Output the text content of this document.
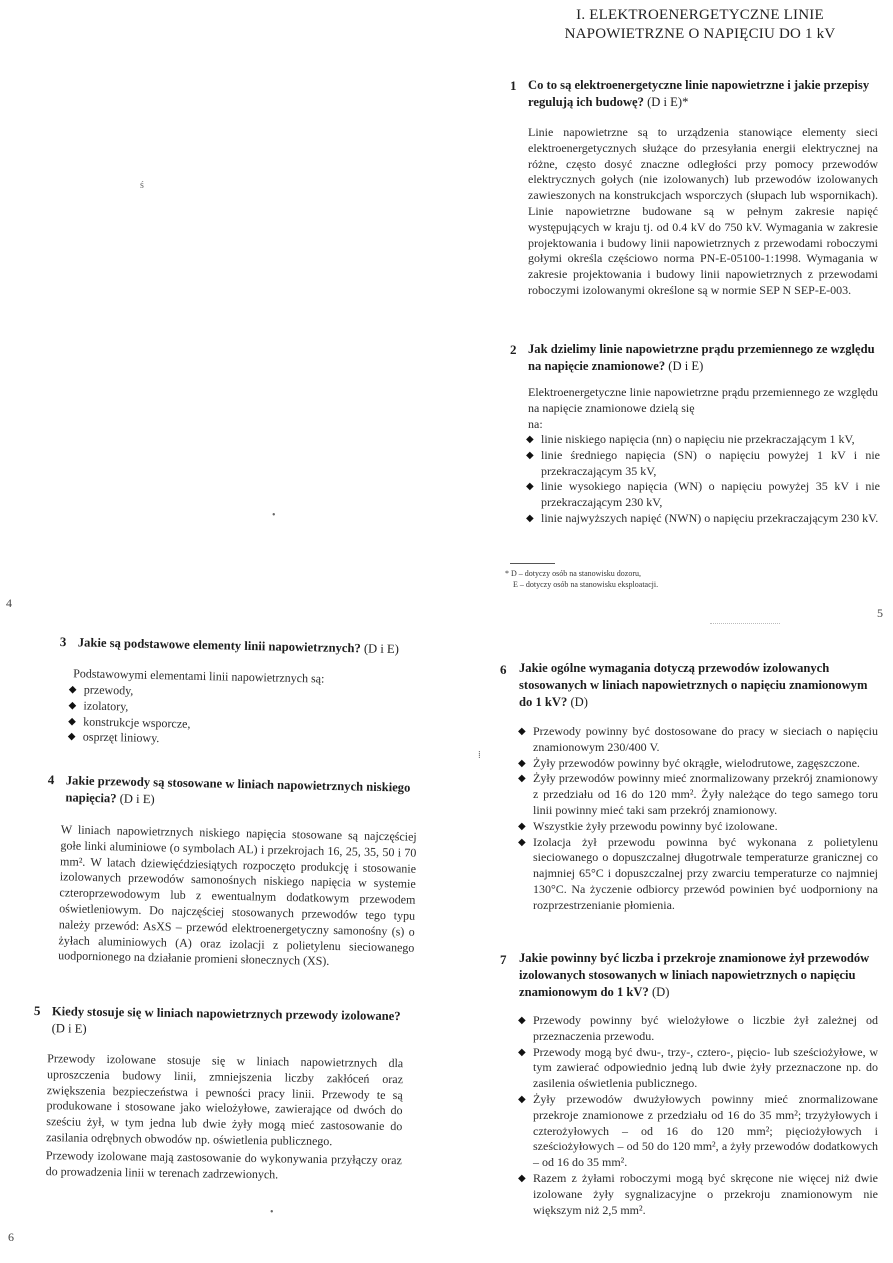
I. ELEKTROENERGETYCZNE LINIE
NAPOWIETRZNE O NAPIĘCIU DO 1 kV
1 Co to są elektroenergetyczne linie napowietrzne i jakie przepisy regulują ich budowę? (D i E)*
Linie napowietrzne są to urządzenia stanowiące elementy sieci elektroenergetycznych służące do przesyłania energii elektrycznej na różne, często dosyć znaczne odległości przy pomocy przewodów elektrycznych gołych (nie izolowanych) lub przewodów izolowanych zawieszonych na konstrukcjach wsporczych (słupach lub wspornikach). Linie napowietrzne budowane są w pełnym zakresie napięć występujących w kraju tj. od 0.4 kV do 750 kV. Wymagania w zakresie projektowania i budowy linii napowietrznych z przewodami roboczymi gołymi określa częściowo norma PN-E-05100-1:1998. Wymagania w zakresie projektowania i budowy linii napowietrznych z przewodami roboczymi izolowanymi określone są w normie SEP N SEP-E-003.
2 Jak dzielimy linie napowietrzne prądu przemiennego ze względu na napięcie znamionowe? (D i E)
Elektroenergetyczne linie napowietrzne prądu przemiennego ze względu na napięcie znamionowe dzielą się
na:
◆ linie niskiego napięcia (nn) o napięciu nie przekraczającym 1 kV,
◆ linie średniego napięcia (SN) o napięciu powyżej 1 kV i nie przekraczającym 35 kV,
◆ linie wysokiego napięcia (WN) o napięciu powyżej 35 kV i nie przekraczającym 230 kV,
◆ linie najwyższych napięć (NWN) o napięciu przekraczającym 230 kV.
* D – dotyczy osób na stanowisku dozoru,
E – dotyczy osób na stanowisku eksploatacji.
4
5
6
ś
•
⁞
•
3 Jakie są podstawowe elementy linii napowietrznych? (D i E)
Podstawowymi elementami linii napowietrznych są:
◆ przewody,
◆ izolatory,
◆ konstrukcje wsporcze,
◆ osprzęt liniowy.
4 Jakie przewody są stosowane w liniach napowietrznych niskiego napięcia? (D i E)
W liniach napowietrznych niskiego napięcia stosowane są najczęściej gołe linki aluminiowe (o symbolach AL) i przekrojach 16, 25, 35, 50 i 70 mm². W latach dziewięćdziesiątych rozpoczęto produkcję i stosowanie izolowanych przewodów samonośnych niskiego napięcia w systemie czteroprzewodowym lub z ewentualnym dodatkowym przewodem oświetleniowym. Do najczęściej stosowanych przewodów tego typu należy przewód: AsXS – przewód elektroenergetyczny samonośny (s) o żyłach aluminiowych (A) oraz izolacji z polietylenu sieciowanego uodpornionego na działanie promieni słonecznych (XS).
5 Kiedy stosuje się w liniach napowietrznych przewody izolowane? (D i E)
Przewody izolowane stosuje się w liniach napowietrznych dla uproszczenia budowy linii, zmniejszenia liczby zakłóceń oraz zwiększenia bezpieczeństwa i pewności pracy linii. Przewody te są produkowane i stosowane jako wielożyłowe, zawierające od dwóch do sześciu żył, w tym jedna lub dwie żyły mogą mieć zastosowanie do zasilania odrębnych obwodów np. oświetlenia publicznego.
Przewody izolowane mają zastosowanie do wykonywania przyłączy oraz do prowadzenia linii w terenach zadrzewionych.
6 Jakie ogólne wymagania dotyczą przewodów izolowanych stosowanych w liniach napowietrznych o napięciu znamionowym do 1 kV? (D)
◆ Przewody powinny być dostosowane do pracy w sieciach o napięciu znamionowym 230/400 V.
◆ Żyły przewodów powinny być okrągłe, wielodrutowe, zagęszczone.
◆ Żyły przewodów powinny mieć znormalizowany przekrój znamionowy z przedziału od 16 do 120 mm². Żyły należące do tego samego toru linii powinny mieć taki sam przekrój znamionowy.
◆ Wszystkie żyły przewodu powinny być izolowane.
◆ Izolacja żył przewodu powinna być wykonana z polietylenu sieciowanego o dopuszczalnej długotrwale temperaturze granicznej co najmniej 65°C i dopuszczalnej przy zwarciu temperaturze co najmniej 130°C. Na życzenie odbiorcy przewód powinien być uodporniony na rozprzestrzenianie płomienia.
7 Jakie powinny być liczba i przekroje znamionowe żył przewodów izolowanych stosowanych w liniach napowietrznych o napięciu znamionowym do 1 kV? (D)
◆ Przewody powinny być wielożyłowe o liczbie żył zależnej od przeznaczenia przewodu.
◆ Przewody mogą być dwu-, trzy-, cztero-, pięcio- lub sześciożyłowe, w tym zawierać odpowiednio jedną lub dwie żyły przeznaczone np. do zasilenia oświetlenia publicznego.
◆ Żyły przewodów dwużyłowych powinny mieć znormalizowane przekroje znamionowe z przedziału od 16 do 35 mm²; trzyżyłowych i czterożyłowych – od 16 do 120 mm²; pięciożyłowych i sześciożyłowych – od 50 do 120 mm², a żyły przewodów dodatkowych – od 16 do 35 mm².
◆ Razem z żyłami roboczymi mogą być skręcone nie więcej niż dwie izolowane żyły sygnalizacyjne o przekroju znamionowym nie większym niż 2,5 mm².
